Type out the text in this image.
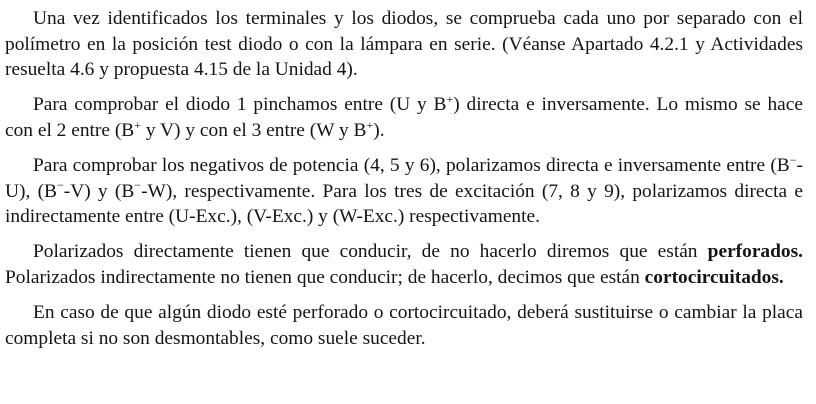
Una vez identificados los terminales y los diodos, se comprueba cada uno por separado con el polímetro en la posición test diodo o con la lámpara en serie. (Véanse Apartado 4.2.1 y Actividades resuelta 4.6 y propuesta 4.15 de la Unidad 4).

Para comprobar el diodo 1 pinchamos entre (U y B+) directa e inversamente. Lo mismo se hace con el 2 entre (B+ y V) y con el 3 entre (W y B+).

Para comprobar los negativos de potencia (4, 5 y 6), polarizamos directa e inversamente entre (B−-U), (B−-V) y (B−-W), respectivamente. Para los tres de excitación (7, 8 y 9), polarizamos directa e indirectamente entre (U-Exc.), (V-Exc.) y (W-Exc.) respectivamente.

Polarizados directamente tienen que conducir, de no hacerlo diremos que están perforados. Polarizados indirectamente no tienen que conducir; de hacerlo, decimos que están cortocircuitados.

En caso de que algún diodo esté perforado o cortocircuitado, deberá sustituirse o cambiar la placa completa si no son desmontables, como suele suceder.
